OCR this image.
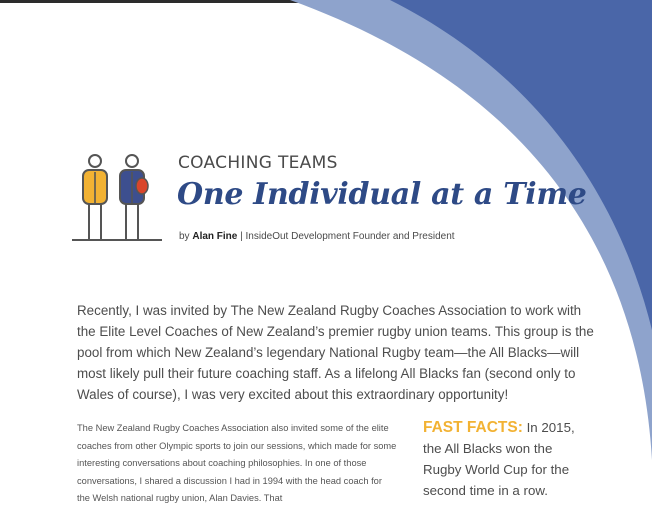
COACHING TEAMS
One Individual at a Time
by Alan Fine | InsideOut Development Founder and President

Recently, I was invited by The New Zealand Rugby Coaches Association to work with the Elite Level Coaches of New Zealand’s premier rugby union teams. This group is the pool from which New Zealand’s legendary National Rugby team—the All Blacks—will most likely pull their future coaching staff. As a lifelong All Blacks fan (second only to Wales of course), I was very excited about this extraordinary opportunity!

The New Zealand Rugby Coaches Association also invited some of the elite coaches from other Olympic sports to join our sessions, which made for some interesting conversations about coaching philosophies. In one of those conversations, I shared a discussion I had in 1994 with the head coach for the Welsh national rugby union, Alan Davies. That

FAST FACTS: In 2015, the All Blacks won the Rugby World Cup for the second time in a row.
